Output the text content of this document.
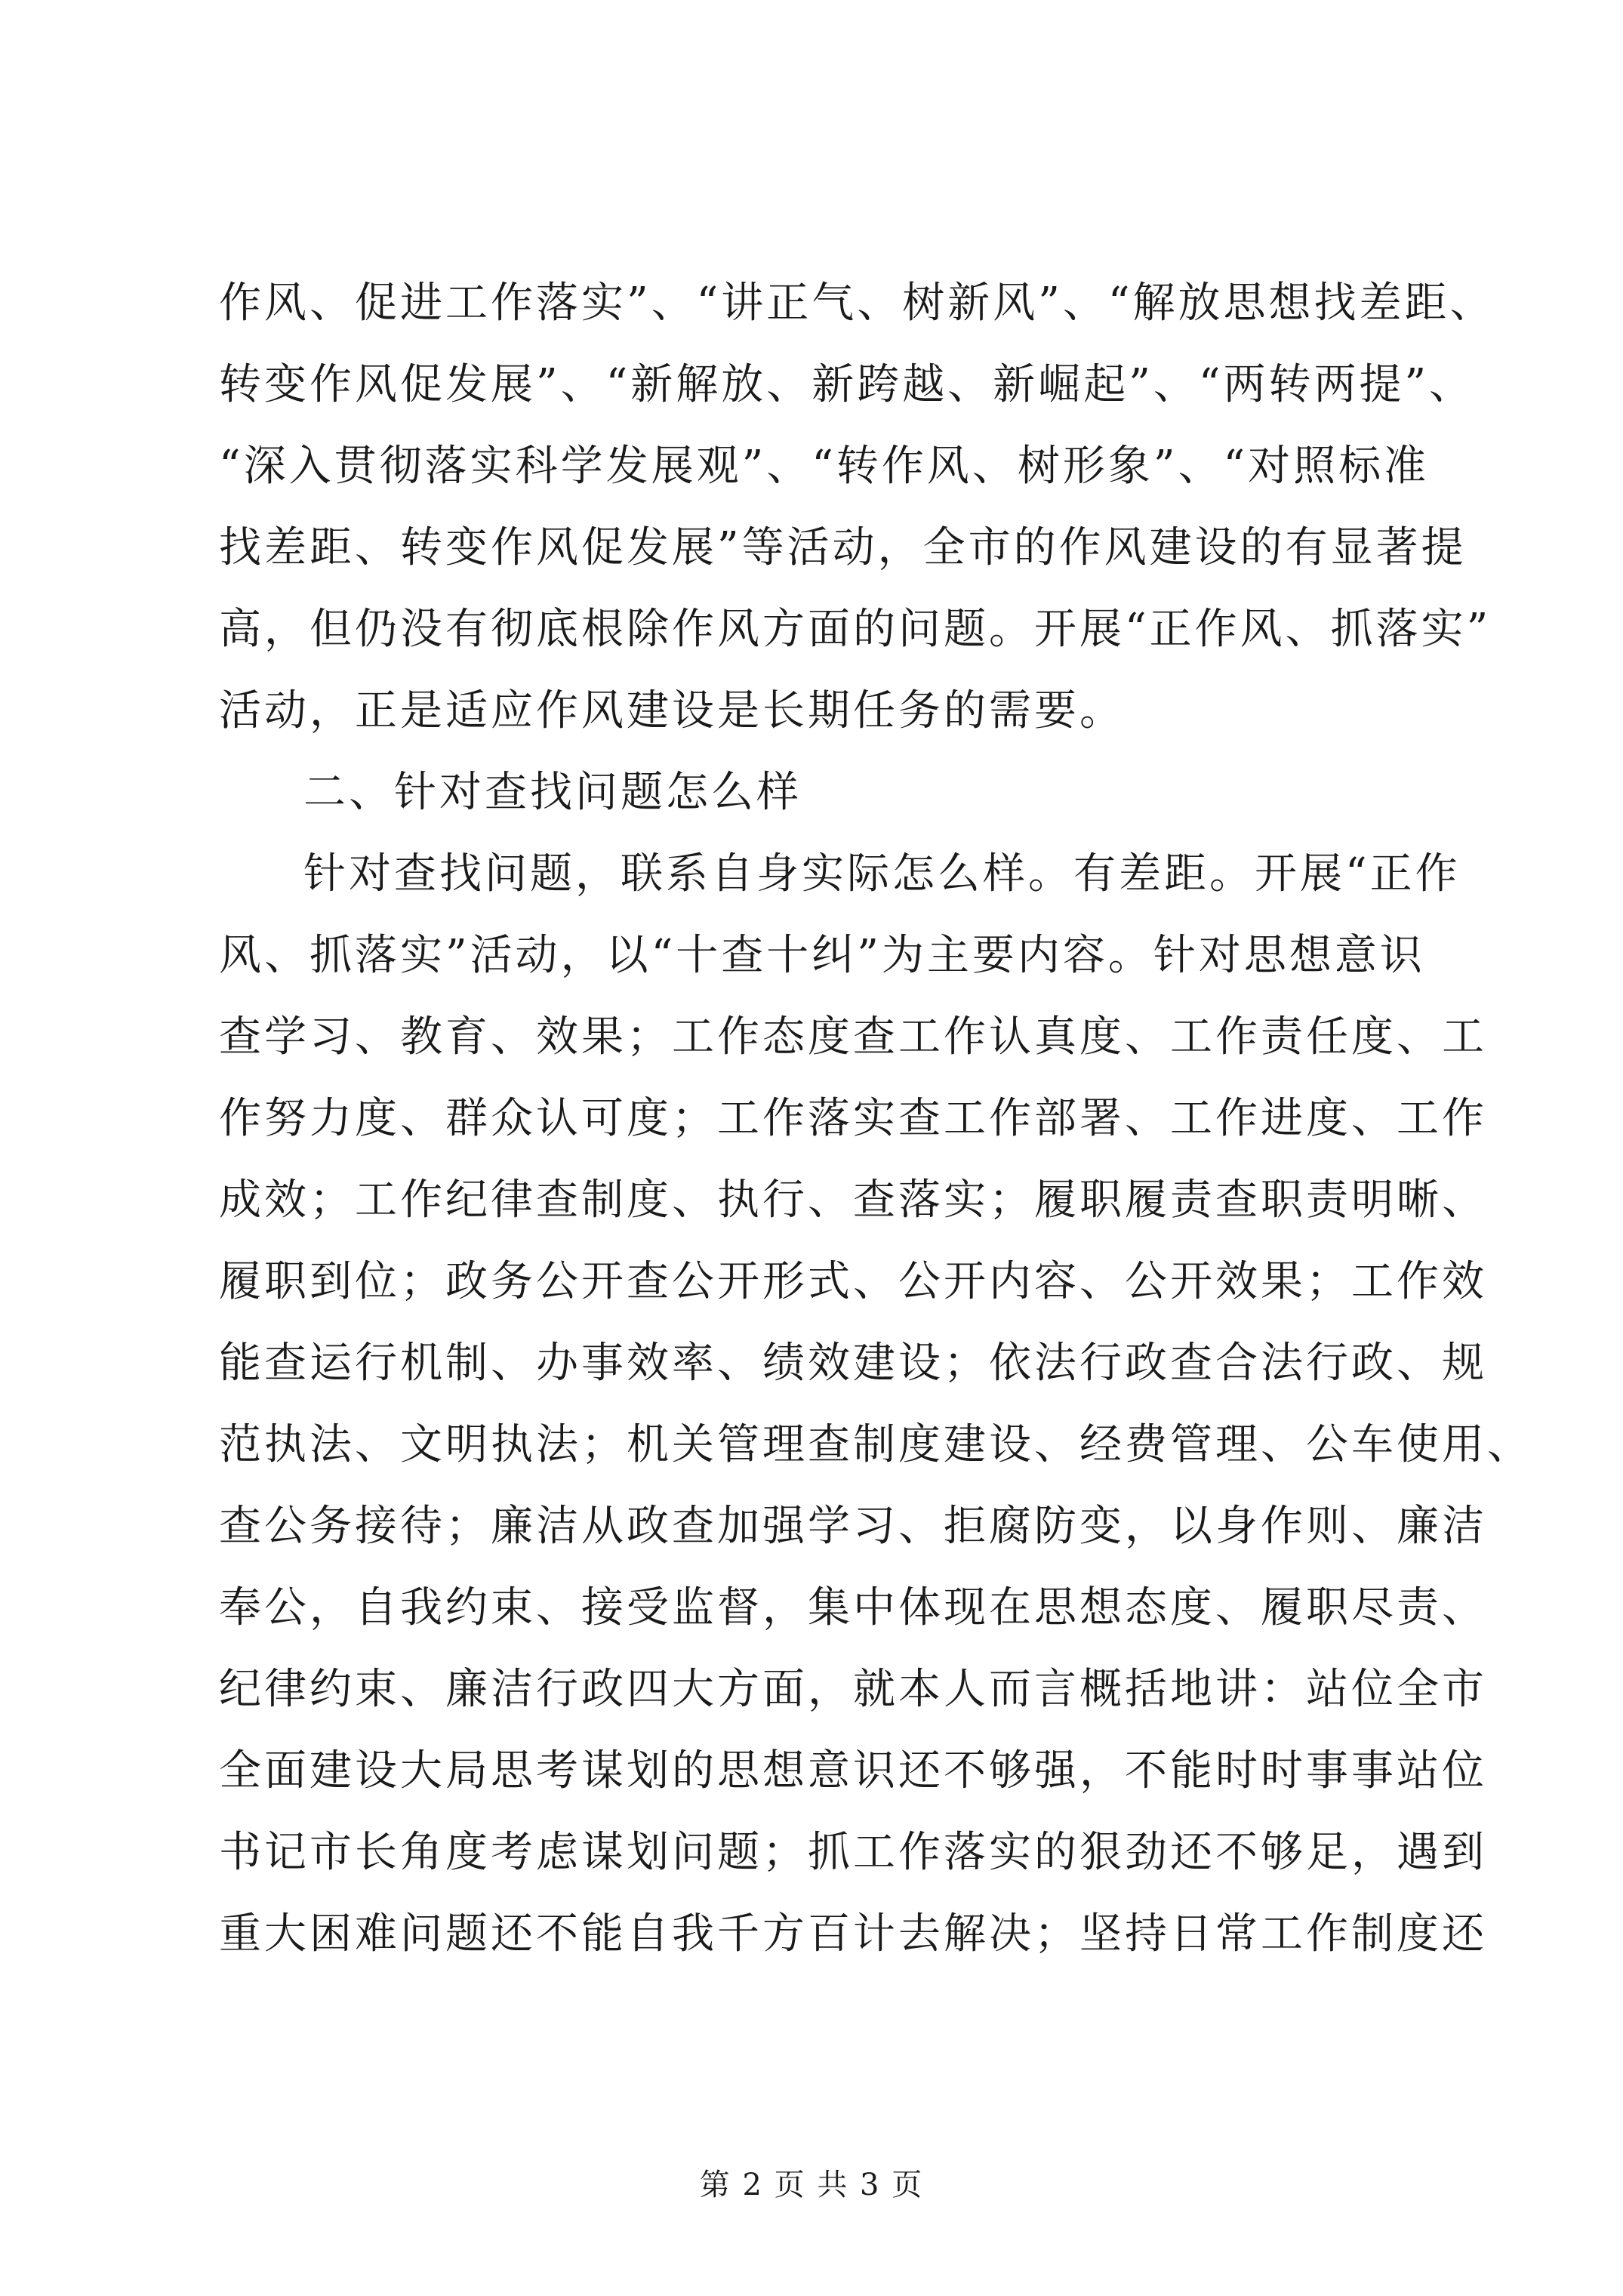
作风、促进工作落实”、“讲正气、树新风”、“解放思想找差距、
转变作风促发展”、“新解放、新跨越、新崛起”、“两转两提”、
“深入贯彻落实科学发展观”、“转作风、树形象”、“对照标准
找差距、转变作风促发展”等活动，全市的作风建设的有显著提
高，但仍没有彻底根除作风方面的问题。开展“正作风、抓落实”
活动，正是适应作风建设是长期任务的需要。
二、针对查找问题怎么样
针对查找问题，联系自身实际怎么样。有差距。开展“正作
风、抓落实”活动，以“十查十纠”为主要内容。针对思想意识
查学习、教育、效果；工作态度查工作认真度、工作责任度、工
作努力度、群众认可度；工作落实查工作部署、工作进度、工作
成效；工作纪律查制度、执行、查落实；履职履责查职责明晰、
履职到位；政务公开查公开形式、公开内容、公开效果；工作效
能查运行机制、办事效率、绩效建设；依法行政查合法行政、规
范执法、文明执法；机关管理查制度建设、经费管理、公车使用、
查公务接待；廉洁从政查加强学习、拒腐防变，以身作则、廉洁
奉公，自我约束、接受监督，集中体现在思想态度、履职尽责、
纪律约束、廉洁行政四大方面，就本人而言概括地讲：站位全市
全面建设大局思考谋划的思想意识还不够强，不能时时事事站位
书记市长角度考虑谋划问题；抓工作落实的狠劲还不够足，遇到
重大困难问题还不能自我千方百计去解决；坚持日常工作制度还
第 2 页 共 3 页
